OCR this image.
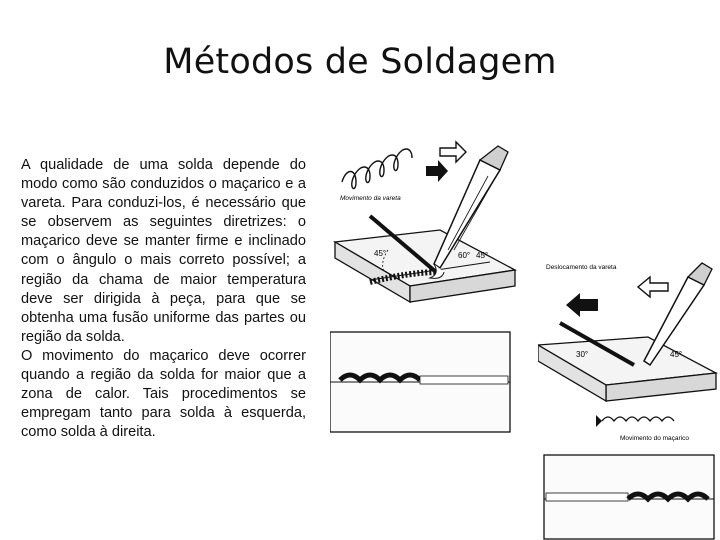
Métodos de Soldagem

A qualidade de uma solda depende do modo como são conduzidos o maçarico e a vareta. Para conduzi-los, é necessário que se observem as seguintes diretrizes: o maçarico deve se manter firme e inclinado com o ângulo o mais correto possível; a região da chama de maior temperatura deve ser dirigida à peça, para que se obtenha uma fusão uniforme das partes ou região da solda.

O movimento do maçarico deve ocorrer quando a região da solda for maior que a zona de calor. Tais procedimentos se empregam tanto para solda à esquerda, como solda à direita.

Movimento da vareta
45°	60° 45°
Deslocamento da vareta
30°	45°
Movimento do maçarico
